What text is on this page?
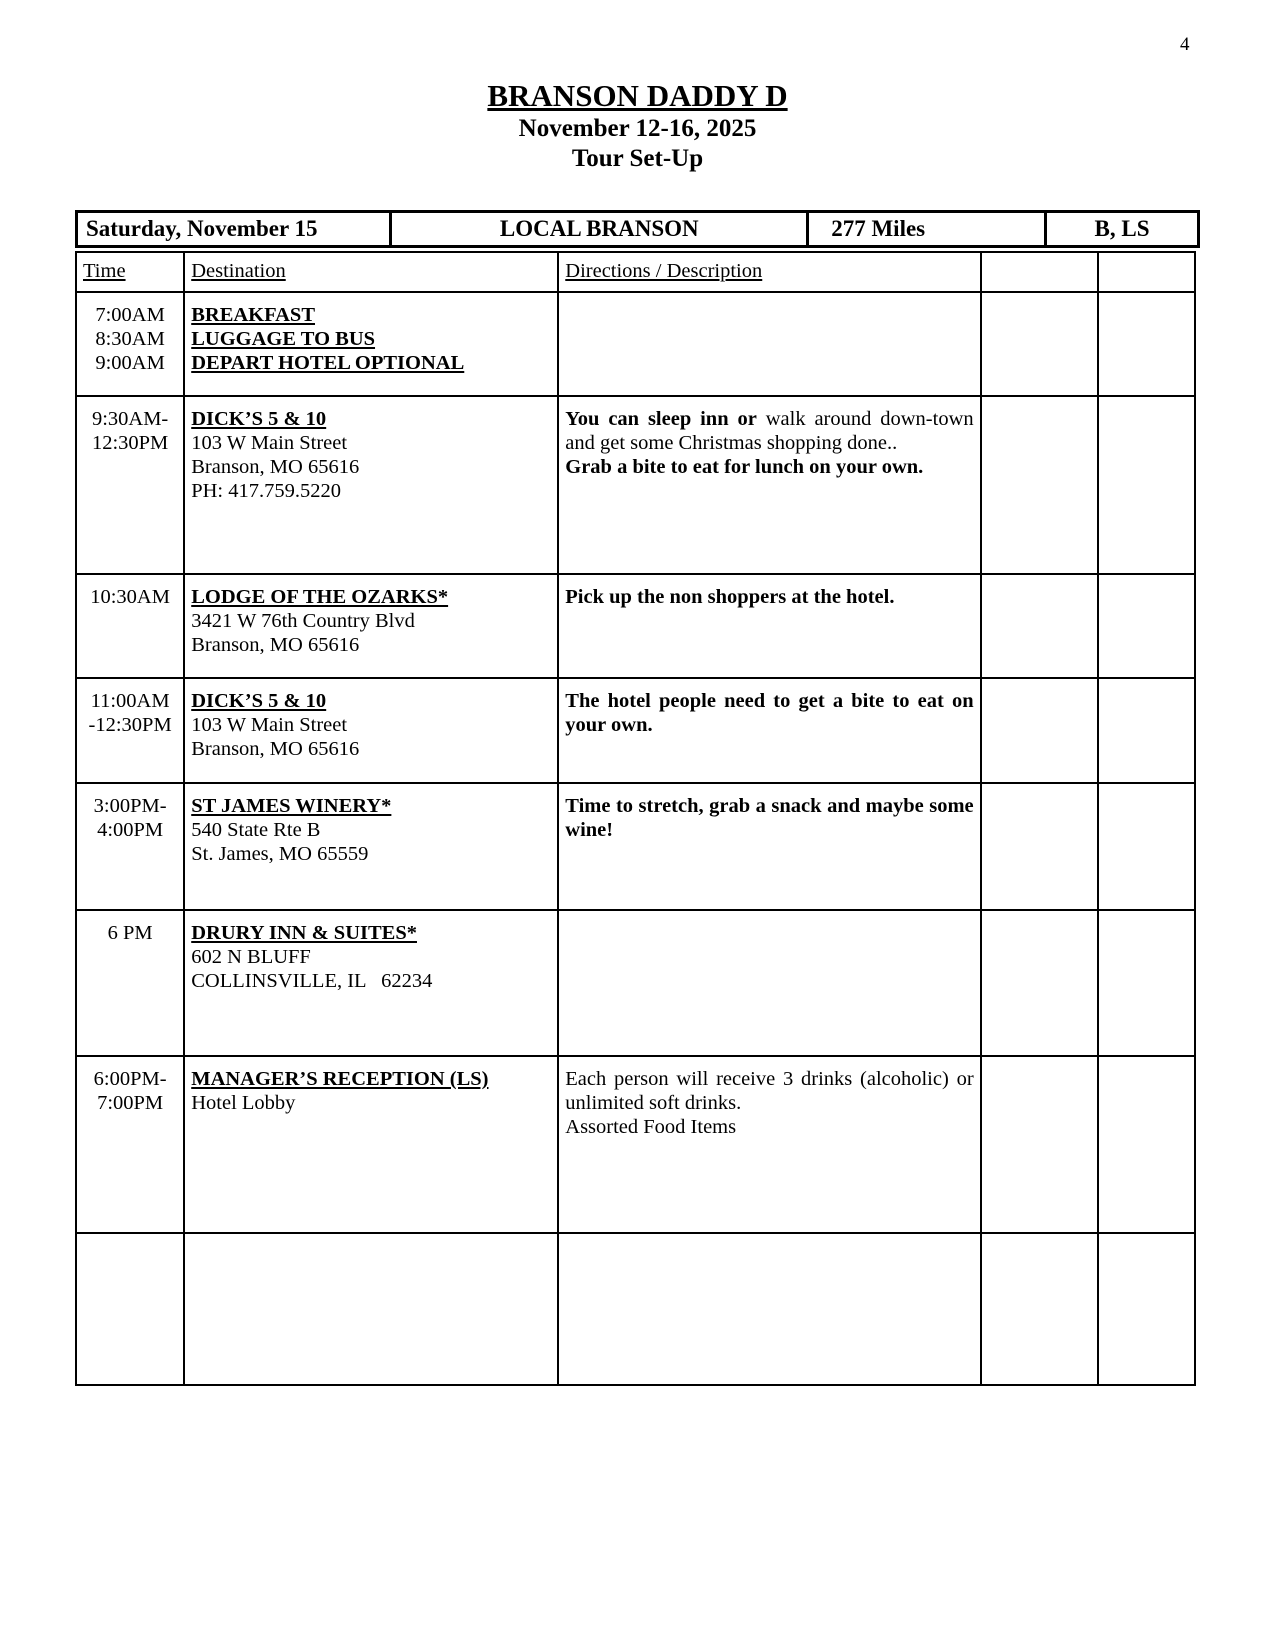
4
BRANSON DADDY D
November 12-16, 2025
Tour Set-Up
Saturday, November 15	LOCAL BRANSON	277 Miles	B, LS
Time	Destination	Directions / Description		

7:00AM
8:30AM
9:00AM	BREAKFAST
LUGGAGE TO BUS
DEPART HOTEL OPTIONAL			

9:30AM-
12:30PM	DICK’S 5 & 10
103 W Main Street
Branson, MO 65616
PH: 417.759.5220	You can sleep inn or walk around down-town and get some Christmas shopping done..
Grab a bite to eat for lunch on your own.		

10:30AM	LODGE OF THE OZARKS*
3421 W 76th Country Blvd
Branson, MO 65616	Pick up the non shoppers at the hotel.		

11:00AM
-12:30PM	DICK’S 5 & 10
103 W Main Street
Branson, MO 65616	The hotel people need to get a bite to eat on your own.		

3:00PM-
4:00PM	ST JAMES WINERY*
540 State Rte B
St. James, MO 65559	Time to stretch, grab a snack and maybe some wine!		

6 PM	DRURY INN & SUITES*
602 N BLUFF
COLLINSVILLE, IL   62234			

6:00PM-
7:00PM	MANAGER’S RECEPTION (LS)
Hotel Lobby	Each person will receive 3 drinks (alcoholic) or unlimited soft drinks.
Assorted Food Items		
